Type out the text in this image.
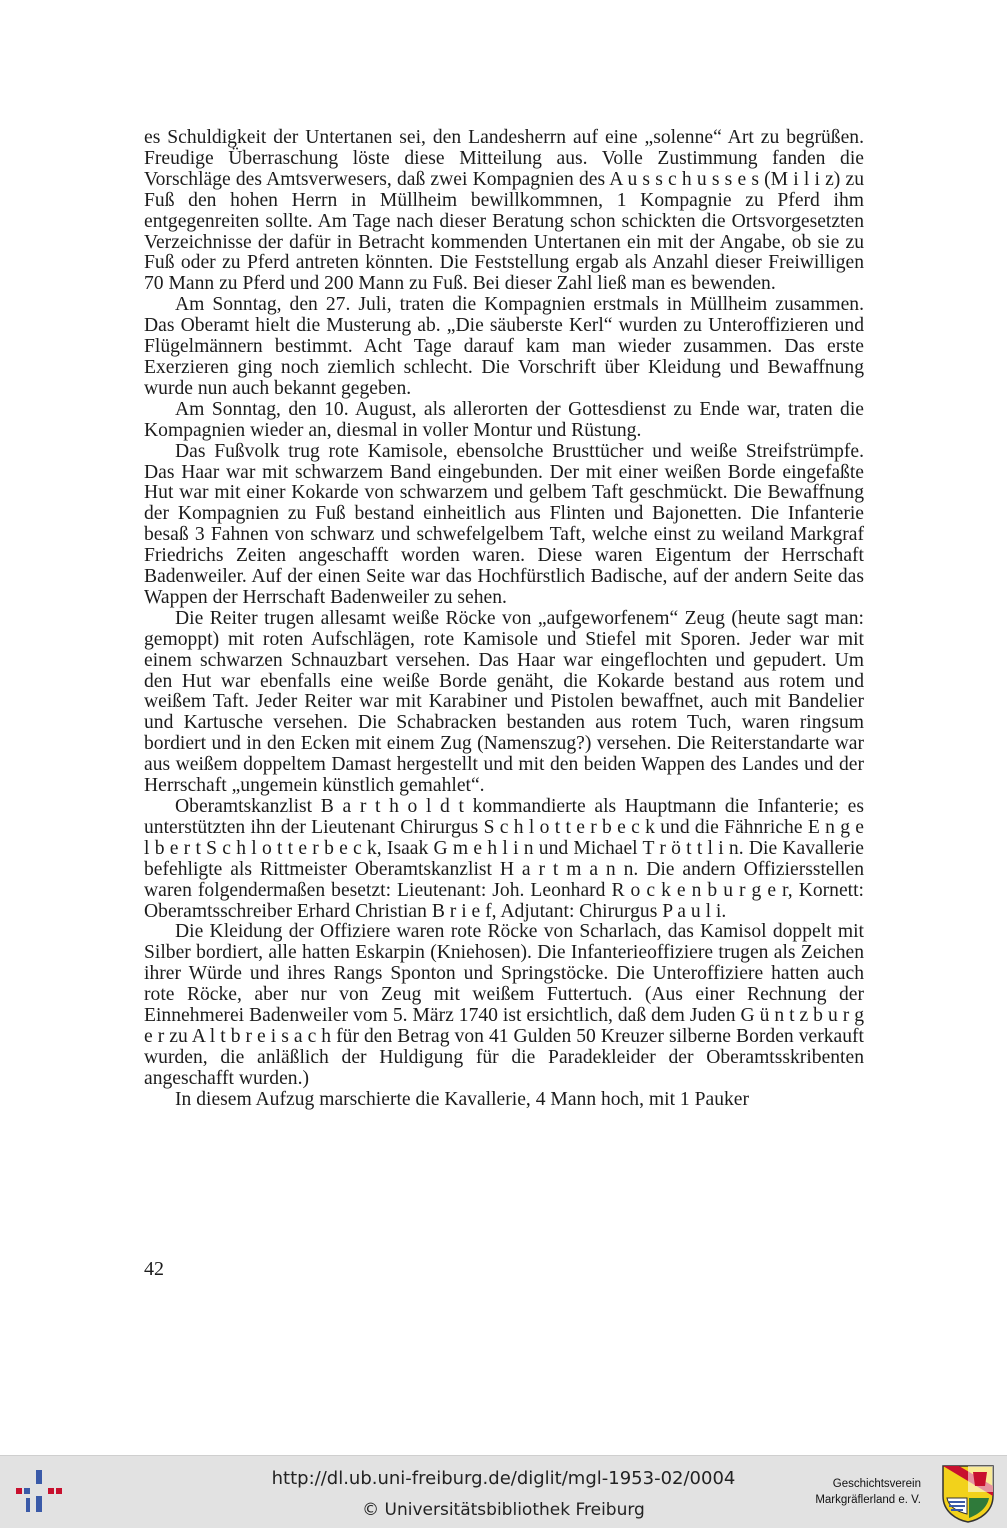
es Schuldigkeit der Untertanen sei, den Landesherrn auf eine „solenne“ Art zu begrüßen. Freudige Überraschung löste diese Mitteilung aus. Volle Zustimmung fanden die Vorschläge des Amtsverwesers, daß zwei Kompagnien des A u s s c h u s s e s (M i l i z) zu Fuß den hohen Herrn in Müllheim bewillkommnen, 1 Kompagnie zu Pferd ihm entgegenreiten sollte. Am Tage nach dieser Beratung schon schickten die Ortsvorgesetzten Verzeichnisse der dafür in Betracht kommenden Untertanen ein mit der Angabe, ob sie zu Fuß oder zu Pferd antreten könnten. Die Feststellung ergab als Anzahl dieser Freiwilligen 70 Mann zu Pferd und 200 Mann zu Fuß. Bei dieser Zahl ließ man es bewenden.

Am Sonntag, den 27. Juli, traten die Kompagnien erstmals in Müllheim zusammen. Das Oberamt hielt die Musterung ab. „Die säuberste Kerl“ wurden zu Unteroffizieren und Flügelmännern bestimmt. Acht Tage darauf kam man wieder zusammen. Das erste Exerzieren ging noch ziemlich schlecht. Die Vorschrift über Kleidung und Bewaffnung wurde nun auch bekannt gegeben.

Am Sonntag, den 10. August, als allerorten der Gottesdienst zu Ende war, traten die Kompagnien wieder an, diesmal in voller Montur und Rüstung.

Das Fußvolk trug rote Kamisole, ebensolche Brusttücher und weiße Streifstrümpfe. Das Haar war mit schwarzem Band eingebunden. Der mit einer weißen Borde eingefaßte Hut war mit einer Kokarde von schwarzem und gelbem Taft geschmückt. Die Bewaffnung der Kompagnien zu Fuß bestand einheitlich aus Flinten und Bajonetten. Die Infanterie besaß 3 Fahnen von schwarz und schwefelgelbem Taft, welche einst zu weiland Markgraf Friedrichs Zeiten angeschafft worden waren. Diese waren Eigentum der Herrschaft Badenweiler. Auf der einen Seite war das Hochfürstlich Badische, auf der andern Seite das Wappen der Herrschaft Badenweiler zu sehen.

Die Reiter trugen allesamt weiße Röcke von „aufgeworfenem“ Zeug (heute sagt man: gemoppt) mit roten Aufschlägen, rote Kamisole und Stiefel mit Sporen. Jeder war mit einem schwarzen Schnauzbart versehen. Das Haar war eingeflochten und gepudert. Um den Hut war ebenfalls eine weiße Borde genäht, die Kokarde bestand aus rotem und weißem Taft. Jeder Reiter war mit Karabiner und Pistolen bewaffnet, auch mit Bandelier und Kartusche versehen. Die Schabracken bestanden aus rotem Tuch, waren ringsum bordiert und in den Ecken mit einem Zug (Namenszug?) versehen. Die Reiterstandarte war aus weißem doppeltem Damast hergestellt und mit den beiden Wappen des Landes und der Herrschaft „ungemein künstlich gemahlet“.

Oberamtskanzlist B a r t h o l d t kommandierte als Hauptmann die Infanterie; es unterstützten ihn der Lieutenant Chirurgus S c h l o t t e r b e c k und die Fähnriche E n g e l b e r t S c h l o t t e r b e c k, Isaak G m e h l i n und Michael T r ö t t l i n. Die Kavallerie befehligte als Rittmeister Oberamtskanzlist H a r t m a n n. Die andern Offiziersstellen waren folgendermaßen besetzt: Lieutenant: Joh. Leonhard R o c k e n b u r g e r, Kornett: Oberamtsschreiber Erhard Christian B r i e f, Adjutant: Chirurgus P a u l i.

Die Kleidung der Offiziere waren rote Röcke von Scharlach, das Kamisol doppelt mit Silber bordiert, alle hatten Eskarpin (Kniehosen). Die Infanterieoffiziere trugen als Zeichen ihrer Würde und ihres Rangs Sponton und Springstöcke. Die Unteroffiziere hatten auch rote Röcke, aber nur von Zeug mit weißem Futtertuch. (Aus einer Rechnung der Einnehmerei Badenweiler vom 5. März 1740 ist ersichtlich, daß dem Juden G ü n t z b u r g e r zu A l t b r e i s a c h für den Betrag von 41 Gulden 50 Kreuzer silberne Borden verkauft wurden, die anläßlich der Huldigung für die Paradekleider der Oberamtsskribenten angeschafft wurden.)

In diesem Aufzug marschierte die Kavallerie, 4 Mann hoch, mit 1 Pauker

42
http://dl.ub.uni-freiburg.de/diglit/mgl-1953-02/0004
© Universitätsbibliothek Freiburg
Geschichtsverein
Markgräflerland e. V.
